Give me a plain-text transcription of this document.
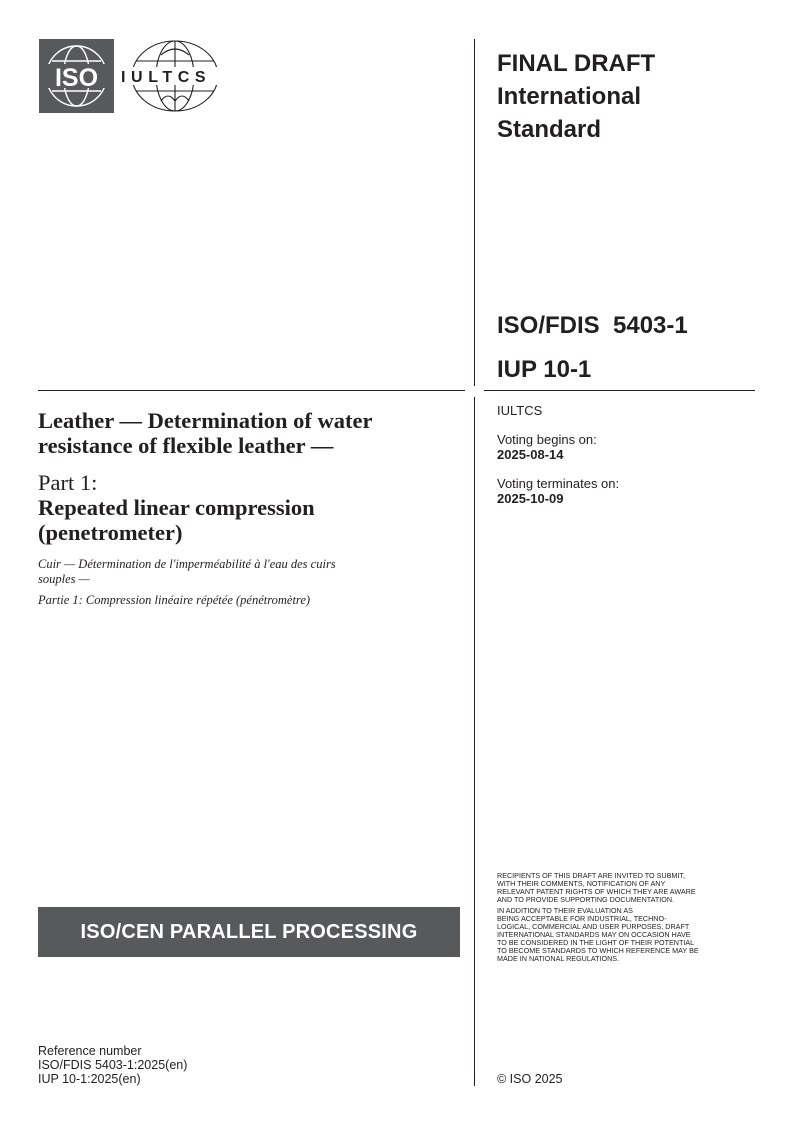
ISO IULTCS
FINAL DRAFT
International
Standard
ISO/FDIS  5403-1
IUP 10-1
IULTCS
Voting begins on:
2025-08-14
Voting terminates on:
2025-10-09
Leather — Determination of water
resistance of flexible leather —
Part 1:
Repeated linear compression
(penetrometer)
Cuir — Détermination de l'imperméabilité à l'eau des cuirs
souples —
Partie 1: Compression linéaire répétée (pénétromètre)
ISO/CEN PARALLEL PROCESSING
RECIPIENTS OF THIS DRAFT ARE INVITED TO SUBMIT,
WITH THEIR COMMENTS, NOTIFICATION OF ANY
RELEVANT PATENT RIGHTS OF WHICH THEY ARE AWARE
AND TO PROVIDE SUPPORTING DOCUMENTATION.
IN ADDITION TO THEIR EVALUATION AS
BEING ACCEPTABLE FOR INDUSTRIAL, TECHNO-
LOGICAL, COMMERCIAL AND USER PURPOSES, DRAFT
INTERNATIONAL STANDARDS MAY ON OCCASION HAVE
TO BE CONSIDERED IN THE LIGHT OF THEIR POTENTIAL
TO BECOME STANDARDS TO WHICH REFERENCE MAY BE
MADE IN NATIONAL REGULATIONS.
Reference number
ISO/FDIS 5403-1:2025(en)
IUP 10-1:2025(en)	© ISO 2025
